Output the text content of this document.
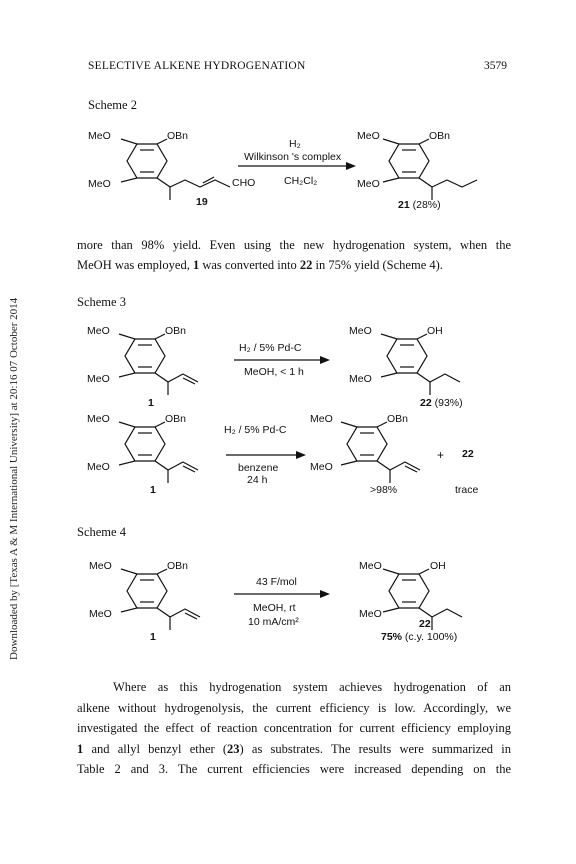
SELECTIVE ALKENE HYDROGENATION	3579
Downloaded by [Texas A & M International University] at 20:16 07 October 2014
Scheme 2
MeO
MeO
OBn
CHO
19
H₂
Wilkinson 's complex
CH₂Cl₂
MeO
MeO
OBn
21 (28%)
more than 98% yield. Even using the new hydrogenation system, when the
MeOH was employed, 1 was converted into 22 in 75% yield (Scheme 4).
Scheme 3
MeO
MeO
OBn
1
H₂ / 5% Pd-C
MeOH, < 1 h
MeO
MeO
OH
22 (93%)
MeO
MeO
OBn
1
H₂ / 5% Pd-C
benzene
24 h
MeO
MeO
OBn
>98%
+ 22
trace
Scheme 4
MeO
MeO
OBn
1
43 F/mol
MeOH, rt
10 mA/cm²
MeO
MeO
OH
22
75% (c.y. 100%)
Where as this hydrogenation system achieves hydrogenation of an
alkene without hydrogenolysis, the current efficiency is low. Accordingly, we
investigated the effect of reaction concentration for current efficiency employing
1 and allyl benzyl ether (23) as substrates. The results were summarized in
Table 2 and 3. The current efficiencies were increased depending on the
